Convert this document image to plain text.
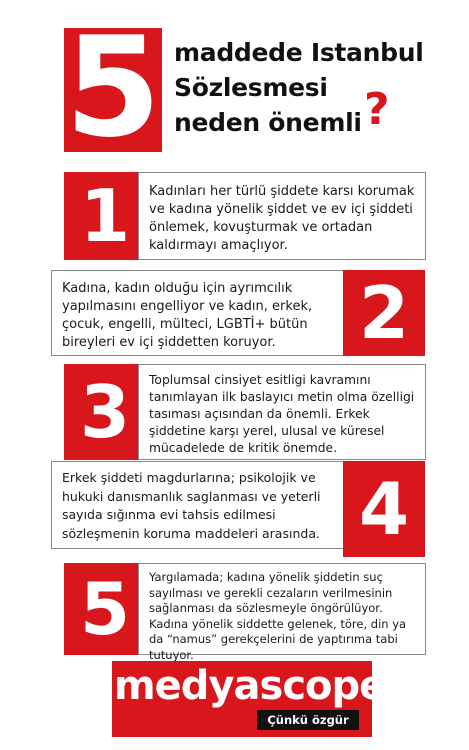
5 maddede Istanbul
Sözlesmesi
neden önemli ?
1	Kadınları her türlü şiddete karsı korumak ve kadına yönelik şiddet ve ev içi şiddeti önlemek, kovuşturmak ve ortadan kaldırmayı amaçlıyor.
Kadına, kadın olduğu için ayrımcılık yapılmasını engelliyor ve kadın, erkek, çocuk, engelli, mülteci, LGBTİ+ bütün bireyleri ev içi şiddetten koruyor.	2
3	Toplumsal cinsiyet esitligi kavramını tanımlayan ilk baslayıcı metin olma özelligi tasıması açısından da önemli. Erkek şiddetine karşı yerel, ulusal ve küresel mücadelede de kritik önemde.
Erkek şiddeti magdurlarına; psikolojik ve hukuki danısmanlık saglanması ve yeterli sayıda sığınma evi tahsis edilmesi sözleşmenin koruma maddeleri arasında. 4
5	Yargılamada; kadına yönelik şiddetin suç sayılması ve gerekli cezaların verilmesinin sağlanması da sözlesmeyle öngörülüyor. Kadına yönelik siddette gelenek, töre, din ya da “namus” gerekçelerini de yaptırıma tabi tutuyor.
medyascope.
Çünkü özgür
